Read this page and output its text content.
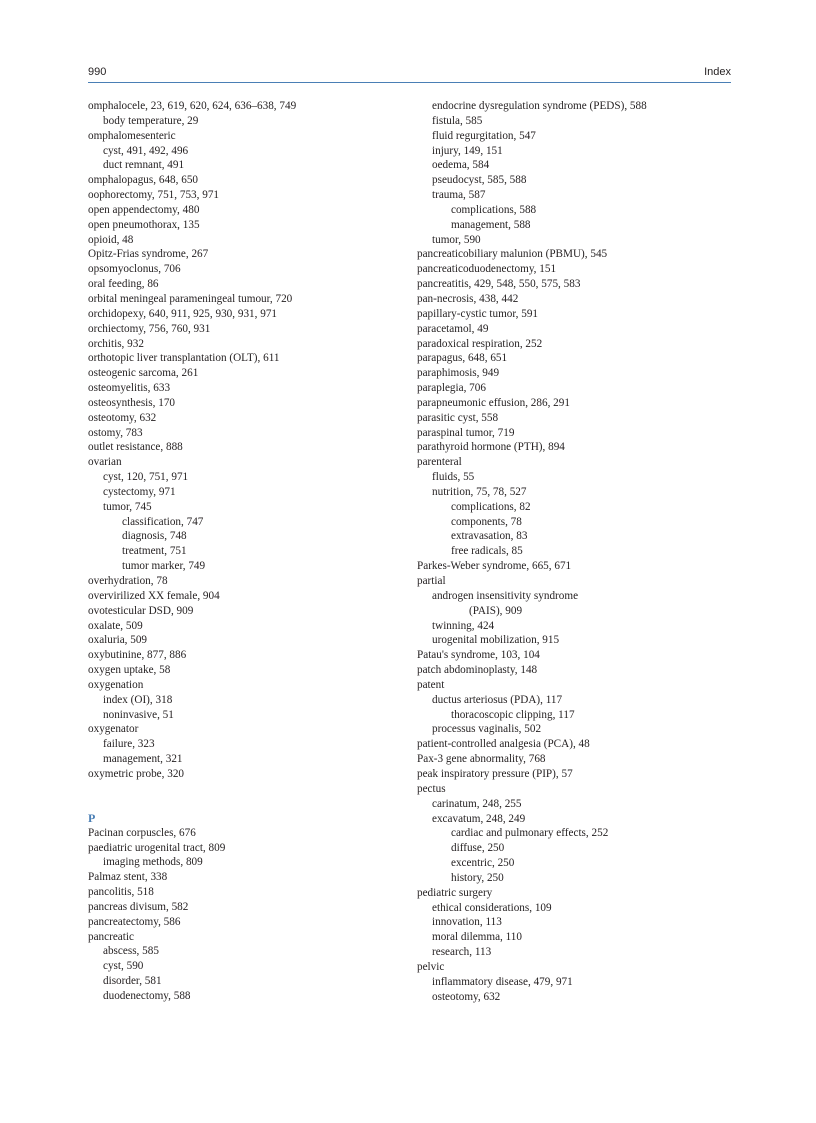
990	Index
omphalocele, 23, 619, 620, 624, 636–638, 749
body temperature, 29
omphalomesenteric
cyst, 491, 492, 496
duct remnant, 491
omphalopagus, 648, 650
oophorectomy, 751, 753, 971
open appendectomy, 480
open pneumothorax, 135
opioid, 48
Opitz-Frias syndrome, 267
opsomyoclonus, 706
oral feeding, 86
orbital meningeal parameningeal tumour, 720
orchidopexy, 640, 911, 925, 930, 931, 971
orchiectomy, 756, 760, 931
orchitis, 932
orthotopic liver transplantation (OLT), 611
osteogenic sarcoma, 261
osteomyelitis, 633
osteosynthesis, 170
osteotomy, 632
ostomy, 783
outlet resistance, 888
ovarian
cyst, 120, 751, 971
cystectomy, 971
tumor, 745
classification, 747
diagnosis, 748
treatment, 751
tumor marker, 749
overhydration, 78
overvirilized XX female, 904
ovotesticular DSD, 909
oxalate, 509
oxaluria, 509
oxybutinine, 877, 886
oxygen uptake, 58
oxygenation
index (OI), 318
noninvasive, 51
oxygenator
failure, 323
management, 321
oxymetric probe, 320
P
Pacinan corpuscles, 676
paediatric urogenital tract, 809
imaging methods, 809
Palmaz stent, 338
pancolitis, 518
pancreas divisum, 582
pancreatectomy, 586
pancreatic
abscess, 585
cyst, 590
disorder, 581
duodenectomy, 588
endocrine dysregulation syndrome (PEDS), 588
fistula, 585
fluid regurgitation, 547
injury, 149, 151
oedema, 584
pseudocyst, 585, 588
trauma, 587
complications, 588
management, 588
tumor, 590
pancreaticobiliary malunion (PBMU), 545
pancreaticoduodenectomy, 151
pancreatitis, 429, 548, 550, 575, 583
pan-necrosis, 438, 442
papillary-cystic tumor, 591
paracetamol, 49
paradoxical respiration, 252
parapagus, 648, 651
paraphimosis, 949
paraplegia, 706
parapneumonic effusion, 286, 291
parasitic cyst, 558
paraspinal tumor, 719
parathyroid hormone (PTH), 894
parenteral
fluids, 55
nutrition, 75, 78, 527
complications, 82
components, 78
extravasation, 83
free radicals, 85
Parkes-Weber syndrome, 665, 671
partial
androgen insensitivity syndrome
(PAIS), 909
twinning, 424
urogenital mobilization, 915
Patau's syndrome, 103, 104
patch abdominoplasty, 148
patent
ductus arteriosus (PDA), 117
thoracoscopic clipping, 117
processus vaginalis, 502
patient-controlled analgesia (PCA), 48
Pax-3 gene abnormality, 768
peak inspiratory pressure (PIP), 57
pectus
carinatum, 248, 255
excavatum, 248, 249
cardiac and pulmonary effects, 252
diffuse, 250
excentric, 250
history, 250
pediatric surgery
ethical considerations, 109
innovation, 113
moral dilemma, 110
research, 113
pelvic
inflammatory disease, 479, 971
osteotomy, 632
